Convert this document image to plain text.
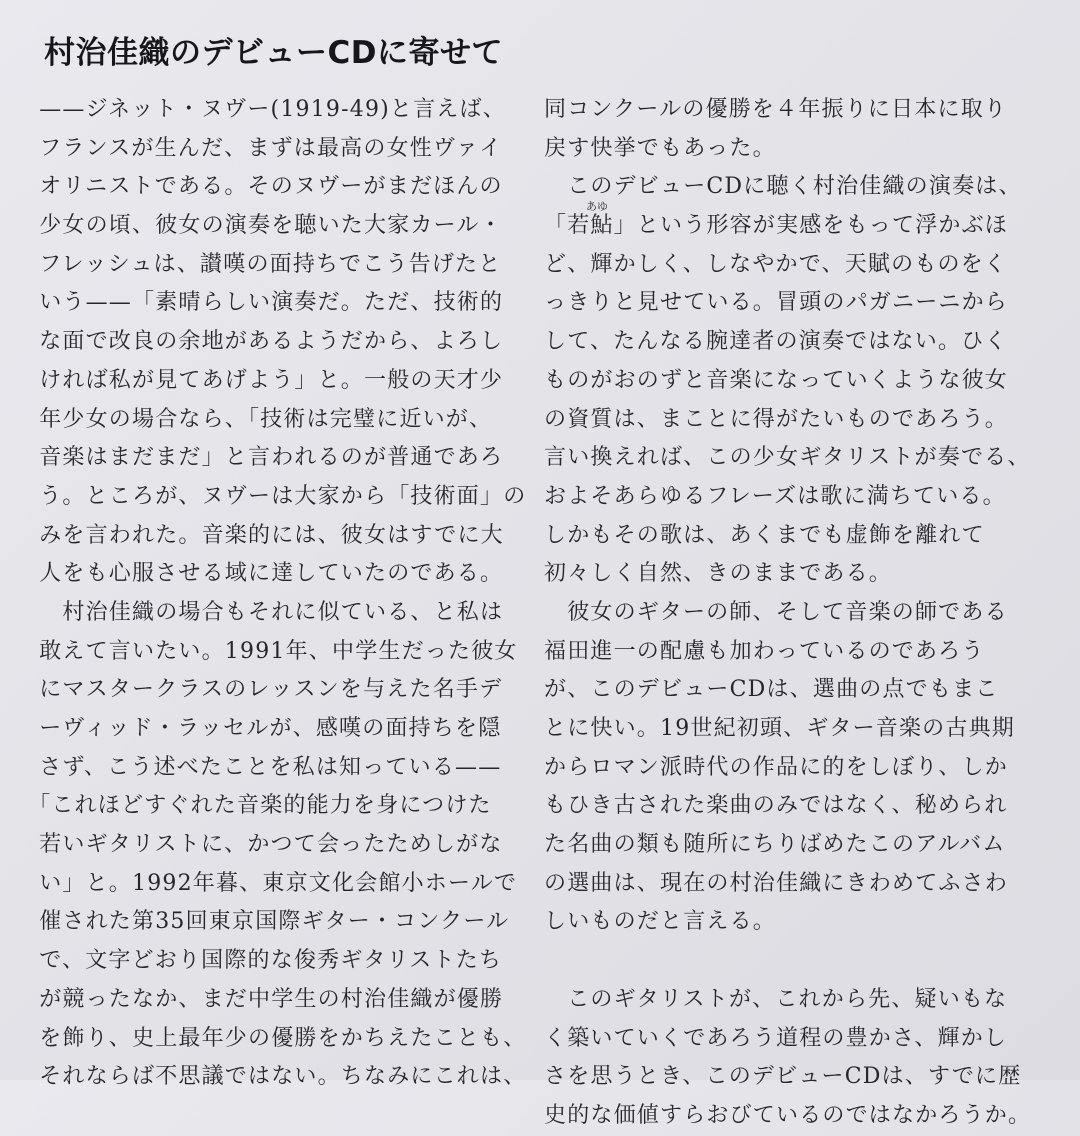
村治佳織のデビューCDに寄せて
　——ジネット・ヌヴー(1919-49)と言えば、
　フランスが生んだ、まずは最高の女性ヴァイ
　オリニストである。そのヌヴーがまだほんの
　少女の頃、彼女の演奏を聴いた大家カール・
　フレッシュは、讃嘆の面持ちでこう告げたと
　いう——「素晴らしい演奏だ。ただ、技術的
　な面で改良の余地があるようだから、よろし
　ければ私が見てあげよう」と。一般の天才少
　年少女の場合なら、「技術は完璧に近いが、
　音楽はまだまだ」と言われるのが普通であろ
　う。ところが、ヌヴーは大家から「技術面」の
　みを言われた。音楽的には、彼女はすでに大
　人をも心服させる域に達していたのである。
　　村治佳織の場合もそれに似ている、と私は
　敢えて言いたい。1991年、中学生だった彼女
　にマスタークラスのレッスンを与えた名手デ
　ーヴィッド・ラッセルが、感嘆の面持ちを隠
　さず、こう述べたことを私は知っている——
　「これほどすぐれた音楽的能力を身につけた
　若いギタリストに、かつて会ったためしがな
　い」と。1992年暮、東京文化会館小ホールで
　催された第35回東京国際ギター・コンクール
　で、文字どおり国際的な俊秀ギタリストたち
　が競ったなか、まだ中学生の村治佳織が優勝
　を飾り、史上最年少の優勝をかちえたことも、
　それならば不思議ではない。ちなみにこれは、
同コンクールの優勝を４年振りに日本に取り
戻す快挙でもあった。
　このデビューCDに聴く村治佳織の演奏は、
「若鮎」という形容が実感をもって浮かぶほ
あゆ
ど、輝かしく、しなやかで、天賦のものをく
っきりと見せている。冒頭のパガニーニから
して、たんなる腕達者の演奏ではない。ひく
ものがおのずと音楽になっていくような彼女
の資質は、まことに得がたいものであろう。
言い換えれば、この少女ギタリストが奏でる、
およそあらゆるフレーズは歌に満ちている。
しかもその歌は、あくまでも虚飾を離れて
初々しく自然、きのままである。
　彼女のギターの師、そして音楽の師である
福田進一の配慮も加わっているのであろう
が、このデビューCDは、選曲の点でもまこ
とに快い。19世紀初頭、ギター音楽の古典期
からロマン派時代の作品に的をしぼり、しか
もひき古された楽曲のみではなく、秘められ
た名曲の類も随所にちりばめたこのアルバム
の選曲は、現在の村治佳織にきわめてふさわ
しいものだと言える。
　このギタリストが、これから先、疑いもな
く築いていくであろう道程の豊かさ、輝かし
さを思うとき、このデビューCDは、すでに歴
史的な価値すらおびているのではなかろうか。
